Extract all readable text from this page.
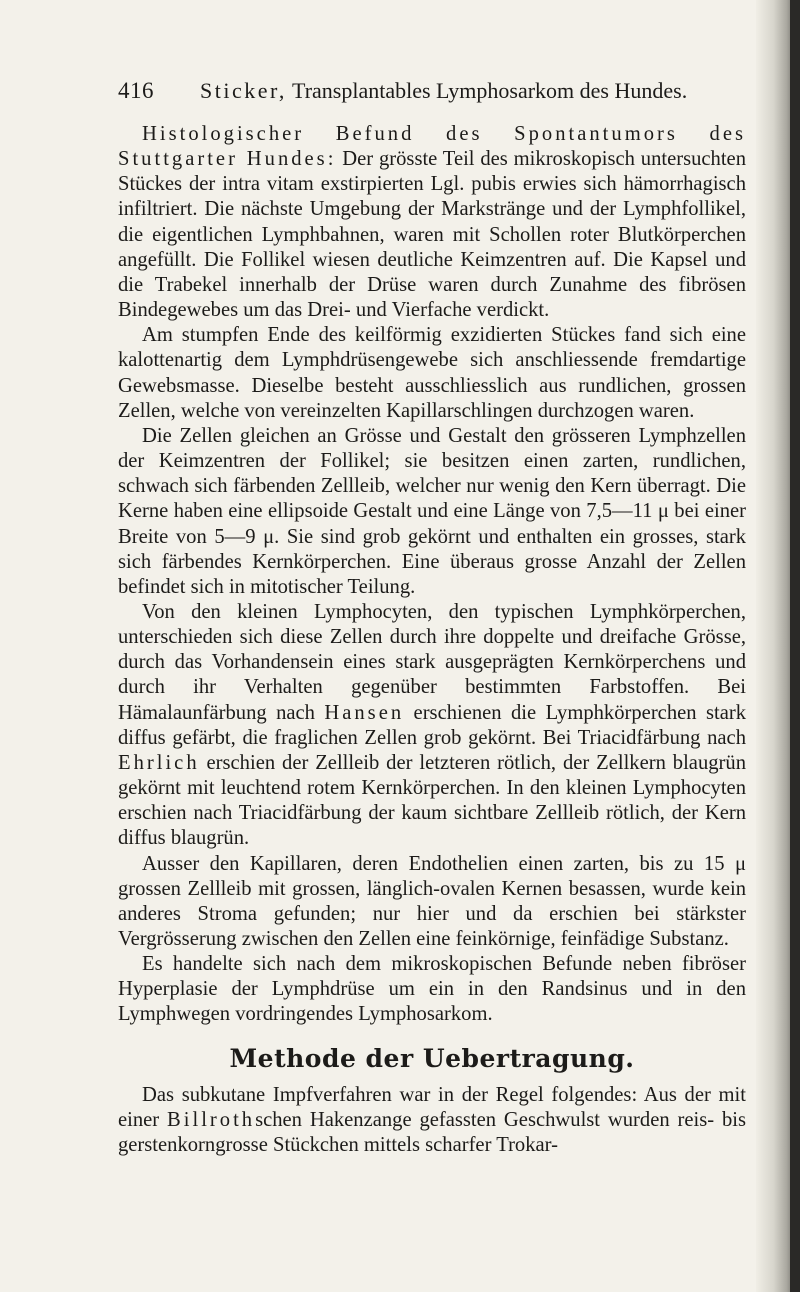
416 Sticker, Transplantables Lymphosarkom des Hundes.

Histologischer Befund des Spontantumors des Stuttgarter Hundes: Der grösste Teil des mikroskopisch untersuchten Stückes der intra vitam exstirpierten Lgl. pubis erwies sich hämorrhagisch infiltriert. Die nächste Umgebung der Markstränge und der Lymphfollikel, die eigentlichen Lymphbahnen, waren mit Schollen roter Blutkörperchen angefüllt. Die Follikel wiesen deutliche Keimzentren auf. Die Kapsel und die Trabekel innerhalb der Drüse waren durch Zunahme des fibrösen Bindegewebes um das Drei- und Vierfache verdickt.

Am stumpfen Ende des keilförmig exzidierten Stückes fand sich eine kalottenartig dem Lymphdrüsengewebe sich anschliessende fremdartige Gewebsmasse. Dieselbe besteht ausschliesslich aus rundlichen, grossen Zellen, welche von vereinzelten Kapillarschlingen durchzogen waren.

Die Zellen gleichen an Grösse und Gestalt den grösseren Lymphzellen der Keimzentren der Follikel; sie besitzen einen zarten, rundlichen, schwach sich färbenden Zellleib, welcher nur wenig den Kern überragt. Die Kerne haben eine ellipsoide Gestalt und eine Länge von 7,5—11 μ bei einer Breite von 5—9 μ. Sie sind grob gekörnt und enthalten ein grosses, stark sich färbendes Kernkörperchen. Eine überaus grosse Anzahl der Zellen befindet sich in mitotischer Teilung.

Von den kleinen Lymphocyten, den typischen Lymphkörperchen, unterschieden sich diese Zellen durch ihre doppelte und dreifache Grösse, durch das Vorhandensein eines stark ausgeprägten Kernkörperchens und durch ihr Verhalten gegenüber bestimmten Farbstoffen. Bei Hämalaunfärbung nach Hansen erschienen die Lymphkörperchen stark diffus gefärbt, die fraglichen Zellen grob gekörnt. Bei Triacidfärbung nach Ehrlich erschien der Zellleib der letzteren rötlich, der Zellkern blaugrün gekörnt mit leuchtend rotem Kernkörperchen. In den kleinen Lymphocyten erschien nach Triacidfärbung der kaum sichtbare Zellleib rötlich, der Kern diffus blaugrün.

Ausser den Kapillaren, deren Endothelien einen zarten, bis zu 15 μ grossen Zellleib mit grossen, länglich-ovalen Kernen besassen, wurde kein anderes Stroma gefunden; nur hier und da erschien bei stärkster Vergrösserung zwischen den Zellen eine feinkörnige, feinfädige Substanz.

Es handelte sich nach dem mikroskopischen Befunde neben fibröser Hyperplasie der Lymphdrüse um ein in den Randsinus und in den Lymphwegen vordringendes Lymphosarkom.

Methode der Uebertragung.

Das subkutane Impfverfahren war in der Regel folgendes: Aus der mit einer Billrothschen Hakenzange gefassten Geschwulst wurden reis- bis gerstenkorngrosse Stückchen mittels scharfer Trokar-
